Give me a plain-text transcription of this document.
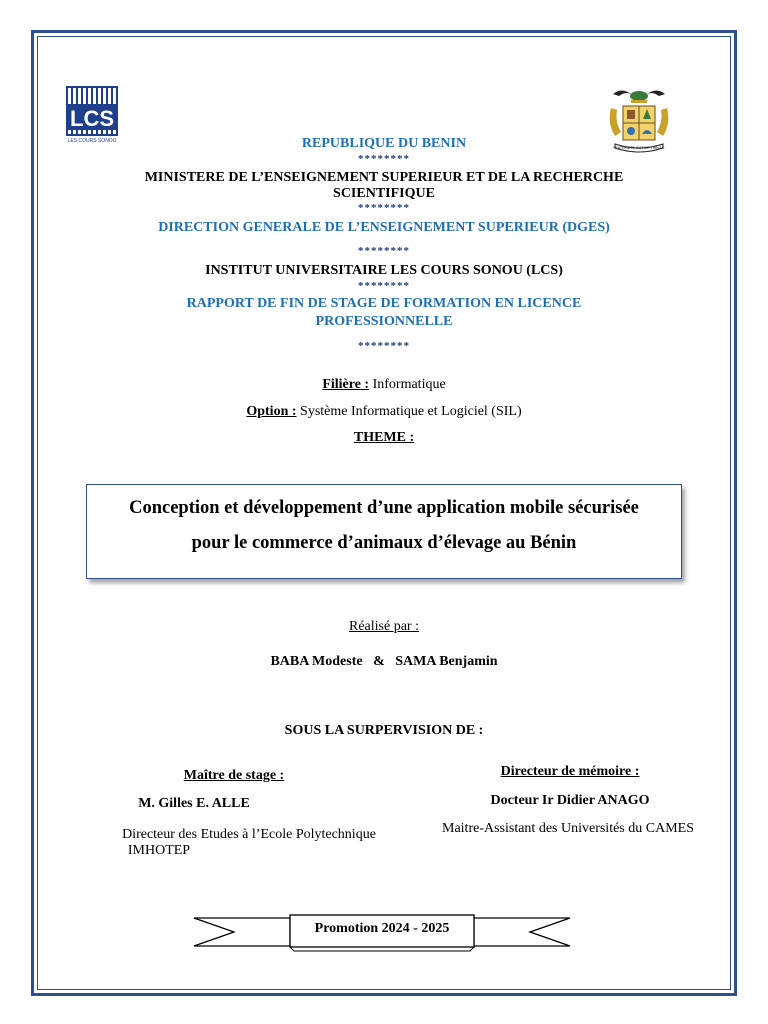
LCS
LES COURS SONOU
FRATERNITÉ JUSTICE TRAVAIL
REPUBLIQUE DU BENIN
********
MINISTERE DE L’ENSEIGNEMENT SUPERIEUR ET DE LA RECHERCHE
SCIENTIFIQUE
********
DIRECTION GENERALE DE L’ENSEIGNEMENT SUPERIEUR (DGES)
********
INSTITUT UNIVERSITAIRE LES COURS SONOU (LCS)
********
RAPPORT DE FIN DE STAGE DE FORMATION EN LICENCE
PROFESSIONNELLE
********
Filière : Informatique
Option : Système Informatique et Logiciel (SIL)
THEME :
Conception et développement d’une application mobile sécurisée
pour le commerce d’animaux d’élevage au Bénin
Réalisé par :
BABA Modeste   &   SAMA Benjamin
SOUS LA SURPERVISION DE :
Maître de stage :
M. Gilles E. ALLE
Directeur des Etudes à l’Ecole Polytechnique
IMHOTEP
Directeur de mémoire :
Docteur Ir Didier ANAGO
Maitre-Assistant des Universités du CAMES
Promotion 2024 - 2025
